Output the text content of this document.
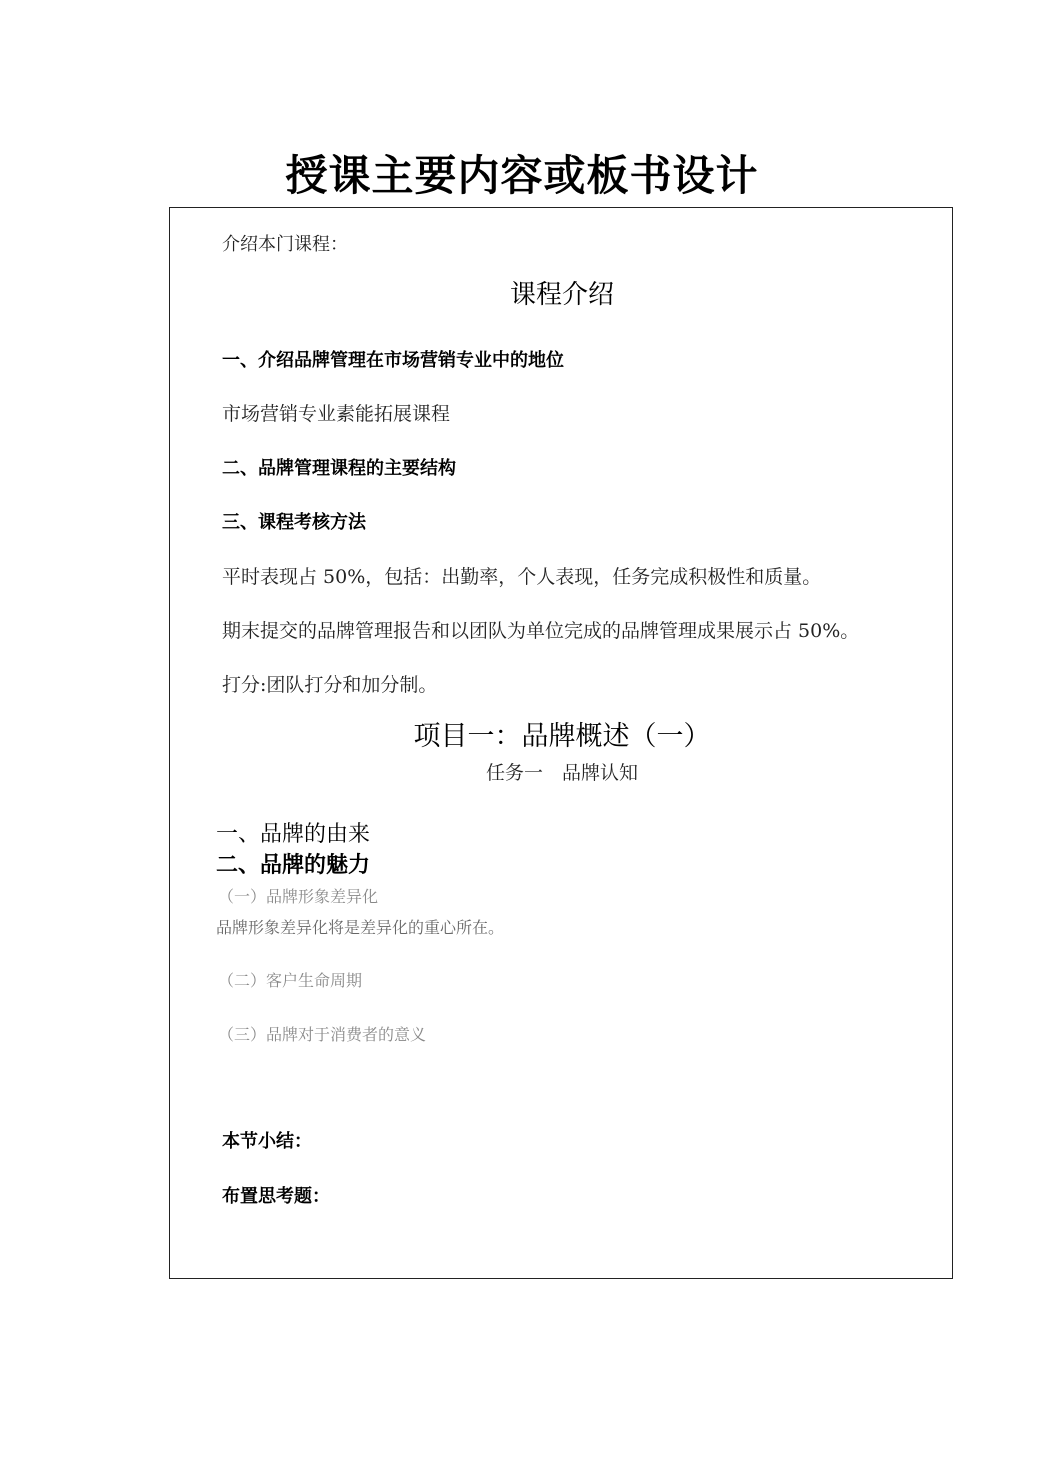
授课主要内容或板书设计
介绍本门课程：
课程介绍
一、介绍品牌管理在市场营销专业中的地位
市场营销专业素能拓展课程
二、品牌管理课程的主要结构
三、课程考核方法
平时表现占 50%，包括：出勤率，个人表现，任务完成积极性和质量。
期末提交的品牌管理报告和以团队为单位完成的品牌管理成果展示占 50%。
打分:团队打分和加分制。
项目一：品牌概述（一）
任务一　品牌认知
一、品牌的由来
二、品牌的魅力
（一）品牌形象差异化
品牌形象差异化将是差异化的重心所在。
（二）客户生命周期
（三）品牌对于消费者的意义
本节小结：
布置思考题：
